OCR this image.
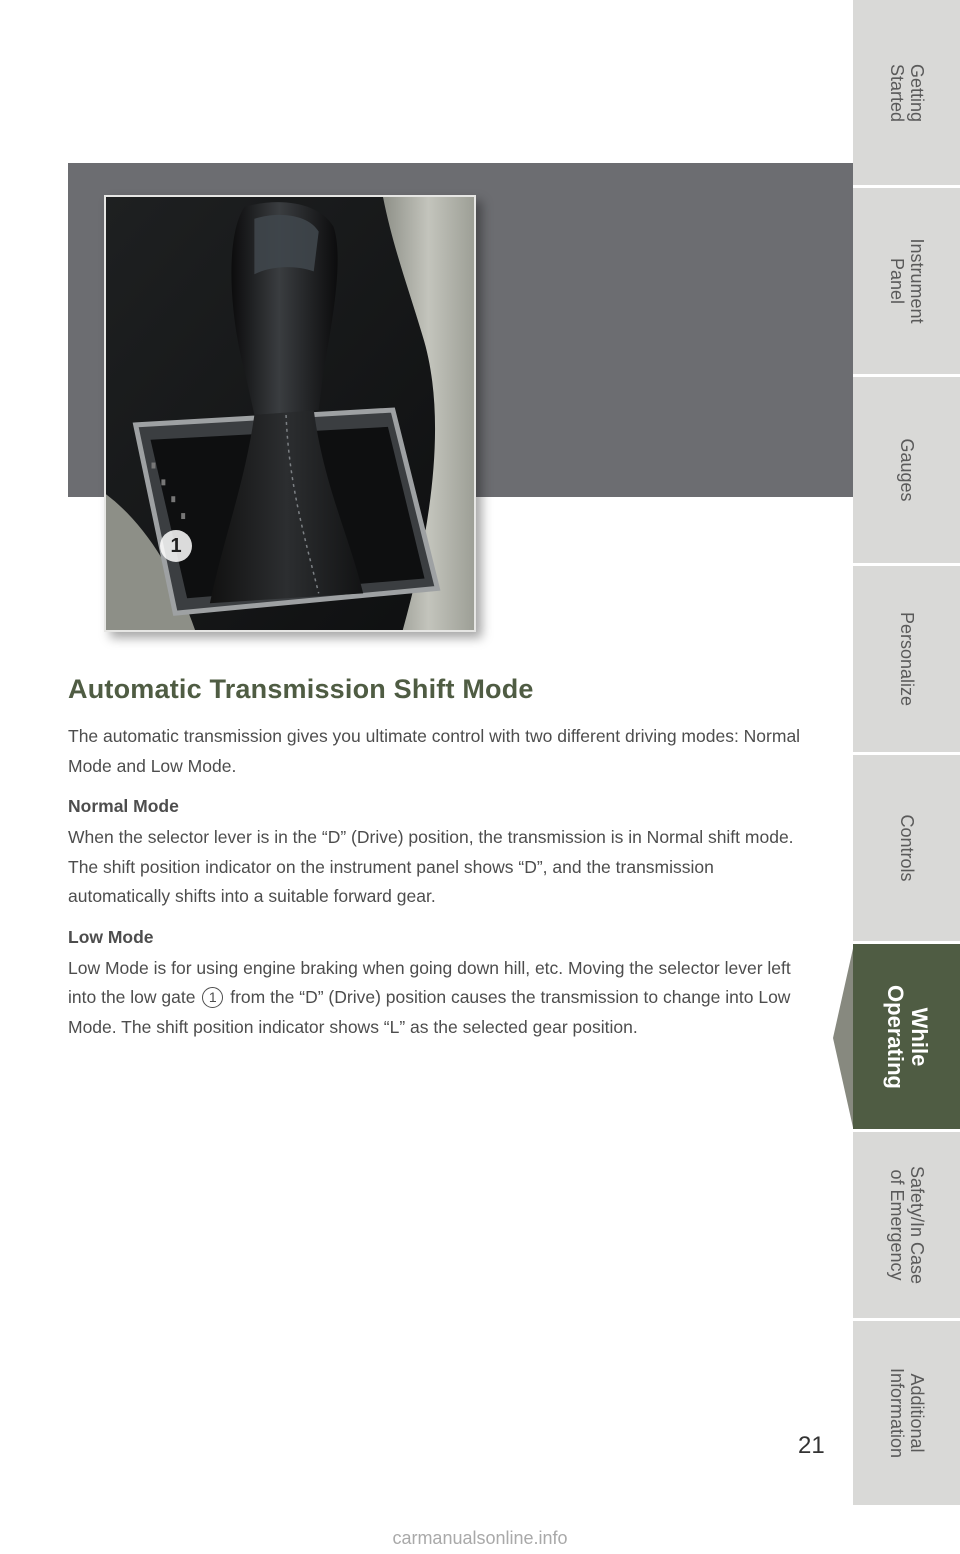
1
Automatic Transmission Shift Mode

The automatic transmission gives you ultimate control with two different driving modes: Normal Mode and Low Mode.

Normal Mode

When the selector lever is in the “D” (Drive) position, the transmission is in Normal shift mode. The shift position indicator on the instrument panel shows “D”, and the transmission automatically shifts into a suitable forward gear.

Low Mode

Low Mode is for using engine braking when going down hill, etc. Moving the selector lever left into the low gate 1 from the “D” (Drive) position causes the transmission to change into Low Mode. The shift position indicator shows “L” as the selected gear position.

21
Getting
Started
Instrument
Panel
Gauges
Personalize
Controls
While
Operating
Safety/In Case
of Emergency
Additional
Information
carmanualsonline.info
